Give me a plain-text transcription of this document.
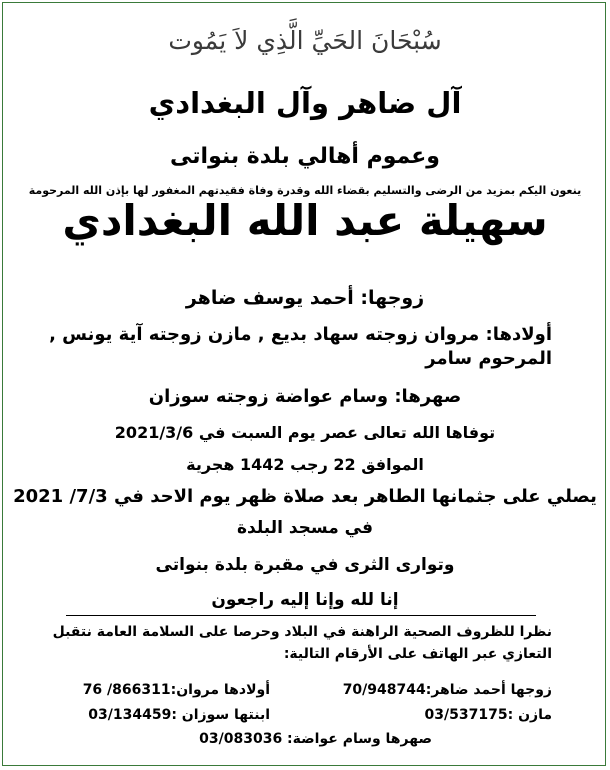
سُبْحَانَ الحَيِّ الَّذِي لاَ يَمُوت
آل ضاهر وآل البغدادي
وعموم أهالي بلدة بنواتى
ينعون اليكم بمزيد من الرضى والتسليم بقضاء الله وقدرة وفاة فقيدتهم المغفور لها بإذن الله المرحومة
سهيلة عبد الله البغدادي
زوجها: أحمد يوسف ضاهر
أولادها: مروان زوجته سهاد بديع , مازن زوجته آية يونس ,
المرحوم سامر
صهرها: وسام عواضة زوجته سوزان
توفاها الله تعالى عصر يوم السبت في 2021/3/6
الموافق 22 رجب 1442 هجرية
يصلي على جثمانها الطاهر بعد صلاة ظهر يوم الاحد في 7/3/ 2021
في مسجد البلدة
وتوارى الثرى في مقبرة بلدة بنواتى
إنا لله وإنا إليه راجعون
نظرا للظروف الصحية الراهنة في البلاد وحرصا على السلامة العامة نتقبل
التعازي عبر الهاتف على الأرقام التالية:
زوجها أحمد ضاهر:70/948744
أولادها مروان:866311/ 76
مازن :03/537175
ابنتها سوزان :03/134459
صهرها وسام عواضة: 03/083036
